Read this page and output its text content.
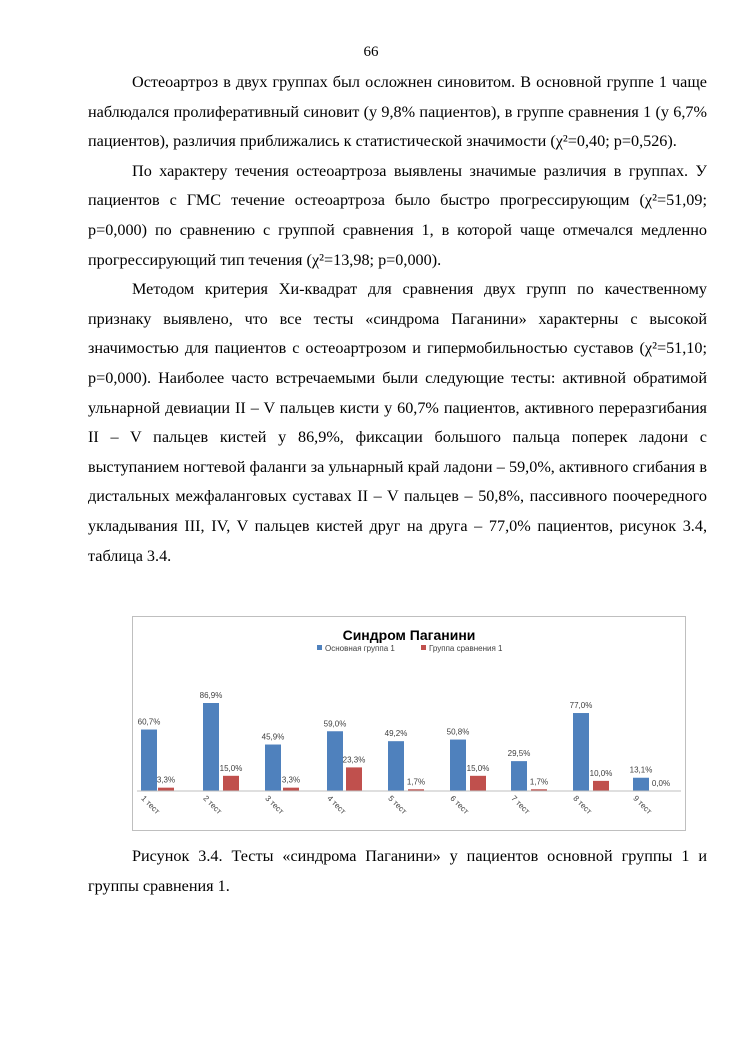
66

Остеоартроз в двух группах был осложнен синовитом. В основной группе 1 чаще наблюдался пролиферативный синовит (у 9,8% пациентов), в группе сравнения 1 (у 6,7% пациентов), различия приближались к статистической значимости (χ²=0,40; p=0,526).

По характеру течения остеоартроза выявлены значимые различия в группах. У пациентов с ГМС течение остеоартроза было быстро прогрессирующим (χ²=51,09; p=0,000) по сравнению с группой сравнения 1, в которой чаще отмечался медленно прогрессирующий тип течения (χ²=13,98; p=0,000).

Методом критерия Хи-квадрат для сравнения двух групп по качественному признаку выявлено, что все тесты «синдрома Паганини» характерны с высокой значимостью для пациентов с остеоартрозом и гипермобильностью суставов (χ²=51,10; p=0,000). Наиболее часто встречаемыми были следующие тесты: активной обратимой ульнарной девиации II – V пальцев кисти у 60,7% пациентов, активного переразгибания II – V пальцев кистей у 86,9%, фиксации большого пальца поперек ладони с выступанием ногтевой фаланги за ульнарный край ладони – 59,0%, активного сгибания в дистальных межфаланговых суставах II – V пальцев – 50,8%, пассивного поочередного укладывания III, IV, V пальцев кистей друг на друга – 77,0% пациентов, рисунок 3.4, таблица 3.4.

Синдром Паганини
Основная группа 1	Группа сравнения 1
60,7%
3,3%
86,9%
15,0%
45,9%
3,3%
59,0%
23,3%
49,2%
1,7%
50,8%
15,0%
29,5%
1,7%
77,0%
10,0% 13,1%
0,0%
1 тест	2 тест	3 тест	4 тест	5 тест	6 тест	7 тест	8 тест	9 тест

Рисунок 3.4. Тесты «синдрома Паганини» у пациентов основной группы 1 и группы сравнения 1.
